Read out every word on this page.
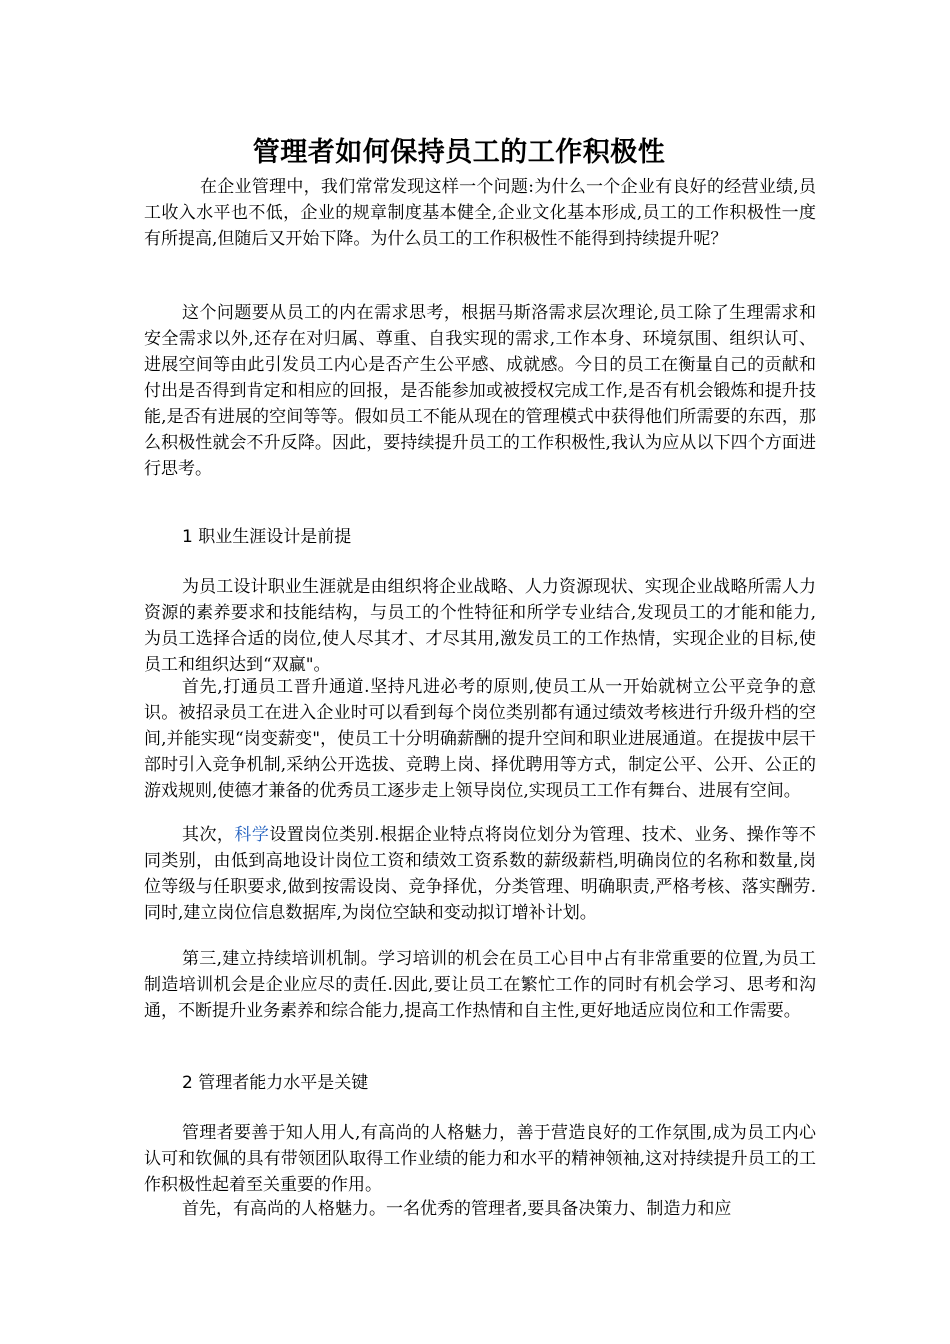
管理者如何保持员工的工作积极性

在企业管理中，我们常常发现这样一个问题:为什么一个企业有良好的经营业绩,员工收入水平也不低，企业的规章制度基本健全,企业文化基本形成,员工的工作积极性一度有所提高,但随后又开始下降。为什么员工的工作积极性不能得到持续提升呢？

这个问题要从员工的内在需求思考，根据马斯洛需求层次理论,员工除了生理需求和安全需求以外,还存在对归属、尊重、自我实现的需求,工作本身、环境氛围、组织认可、进展空间等由此引发员工内心是否产生公平感、成就感。今日的员工在衡量自己的贡献和付出是否得到肯定和相应的回报，是否能参加或被授权完成工作,是否有机会锻炼和提升技能,是否有进展的空间等等。假如员工不能从现在的管理模式中获得他们所需要的东西，那么积极性就会不升反降。因此，要持续提升员工的工作积极性,我认为应从以下四个方面进行思考。

1 职业生涯设计是前提

为员工设计职业生涯就是由组织将企业战略、人力资源现状、实现企业战略所需人力资源的素养要求和技能结构，与员工的个性特征和所学专业结合,发现员工的才能和能力,为员工选择合适的岗位,使人尽其才、才尽其用,激发员工的工作热情，实现企业的目标,使员工和组织达到“双赢"。

首先,打通员工晋升通道.坚持凡进必考的原则,使员工从一开始就树立公平竞争的意识。被招录员工在进入企业时可以看到每个岗位类别都有通过绩效考核进行升级升档的空间,并能实现“岗变薪变"，使员工十分明确薪酬的提升空间和职业进展通道。在提拔中层干部时引入竞争机制,采纳公开选拔、竞聘上岗、择优聘用等方式，制定公平、公开、公正的游戏规则,使德才兼备的优秀员工逐步走上领导岗位,实现员工工作有舞台、进展有空间。

其次，科学设置岗位类别.根据企业特点将岗位划分为管理、技术、业务、操作等不同类别，由低到高地设计岗位工资和绩效工资系数的薪级薪档,明确岗位的名称和数量,岗位等级与任职要求,做到按需设岗、竞争择优，分类管理、明确职责,严格考核、落实酬劳.同时,建立岗位信息数据库,为岗位空缺和变动拟订增补计划。

第三,建立持续培训机制。学习培训的机会在员工心目中占有非常重要的位置,为员工制造培训机会是企业应尽的责任.因此,要让员工在繁忙工作的同时有机会学习、思考和沟通，不断提升业务素养和综合能力,提高工作热情和自主性,更好地适应岗位和工作需要。

2 管理者能力水平是关键

管理者要善于知人用人,有高尚的人格魅力，善于营造良好的工作氛围,成为员工内心认可和钦佩的具有带领团队取得工作业绩的能力和水平的精神领袖,这对持续提升员工的工作积极性起着至关重要的作用。

首先，有高尚的人格魅力。一名优秀的管理者,要具备决策力、制造力和应
